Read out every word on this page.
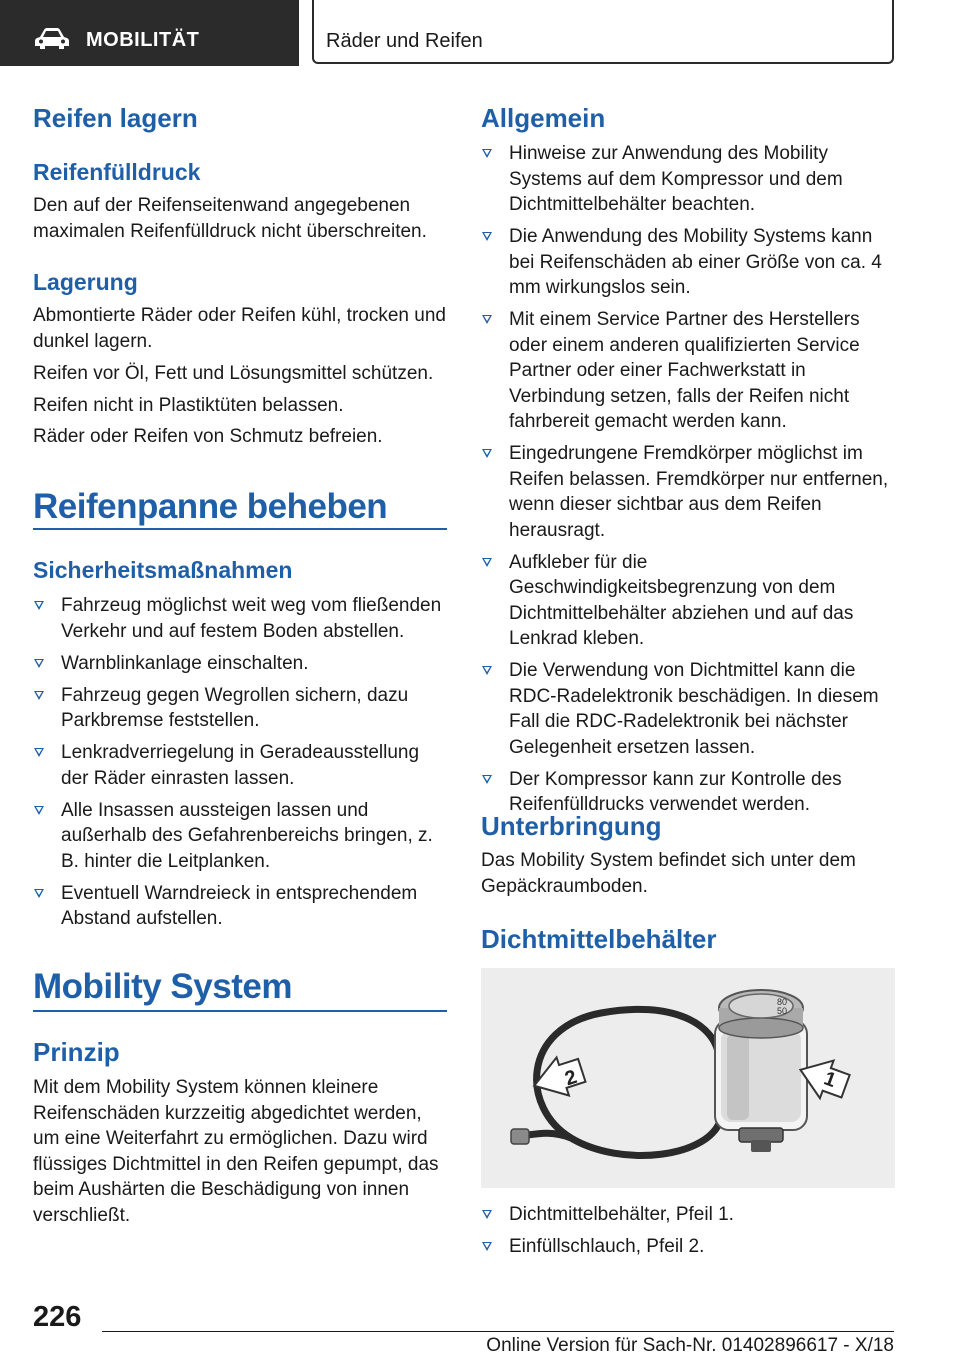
MOBILITÄT	Räder und Reifen
Reifen lagern
Reifenfülldruck
Den auf der Reifenseitenwand angegebenen maximalen Reifenfülldruck nicht überschreiten.
Lagerung
Abmontierte Räder oder Reifen kühl, trocken und dunkel lagern.
Reifen vor Öl, Fett und Lösungsmittel schützen.
Reifen nicht in Plastiktüten belassen.
Räder oder Reifen von Schmutz befreien.
Reifenpanne beheben
Sicherheitsmaßnahmen
Fahrzeug möglichst weit weg vom fließenden Verkehr und auf festem Boden abstellen.
Warnblinkanlage einschalten.
Fahrzeug gegen Wegrollen sichern, dazu Parkbremse feststellen.
Lenkradverriegelung in Geradeausstellung der Räder einrasten lassen.
Alle Insassen aussteigen lassen und außerhalb des Gefahrenbereichs bringen, z. B. hinter die Leitplanken.
Eventuell Warndreieck in entsprechendem Abstand aufstellen.
Mobility System
Prinzip
Mit dem Mobility System können kleinere Reifenschäden kurzzeitig abgedichtet werden, um eine Weiterfahrt zu ermöglichen. Dazu wird flüssiges Dichtmittel in den Reifen gepumpt, das beim Aushärten die Beschädigung von innen verschließt.
Allgemein
Hinweise zur Anwendung des Mobility Systems auf dem Kompressor und dem Dichtmittelbehälter beachten.
Die Anwendung des Mobility Systems kann bei Reifenschäden ab einer Größe von ca. 4 mm wirkungslos sein.
Mit einem Service Partner des Herstellers oder einem anderen qualifizierten Service Partner oder einer Fachwerkstatt in Verbindung setzen, falls der Reifen nicht fahrbereit gemacht werden kann.
Eingedrungene Fremdkörper möglichst im Reifen belassen. Fremdkörper nur entfernen, wenn dieser sichtbar aus dem Reifen herausragt.
Aufkleber für die Geschwindigkeitsbegrenzung von dem Dichtmittelbehälter abziehen und auf das Lenkrad kleben.
Die Verwendung von Dichtmittel kann die RDC-Radelektronik beschädigen. In diesem Fall die RDC-Radelektronik bei nächster Gelegenheit ersetzen lassen.
Der Kompressor kann zur Kontrolle des Reifenfülldrucks verwendet werden.
Unterbringung
Das Mobility System befindet sich unter dem Gepäckraumboden.
Dichtmittelbehälter
80
50
2	1
Dichtmittelbehälter, Pfeil 1.
Einfüllschlauch, Pfeil 2.
226
Online Version für Sach-Nr. 01402896617 - X/18
